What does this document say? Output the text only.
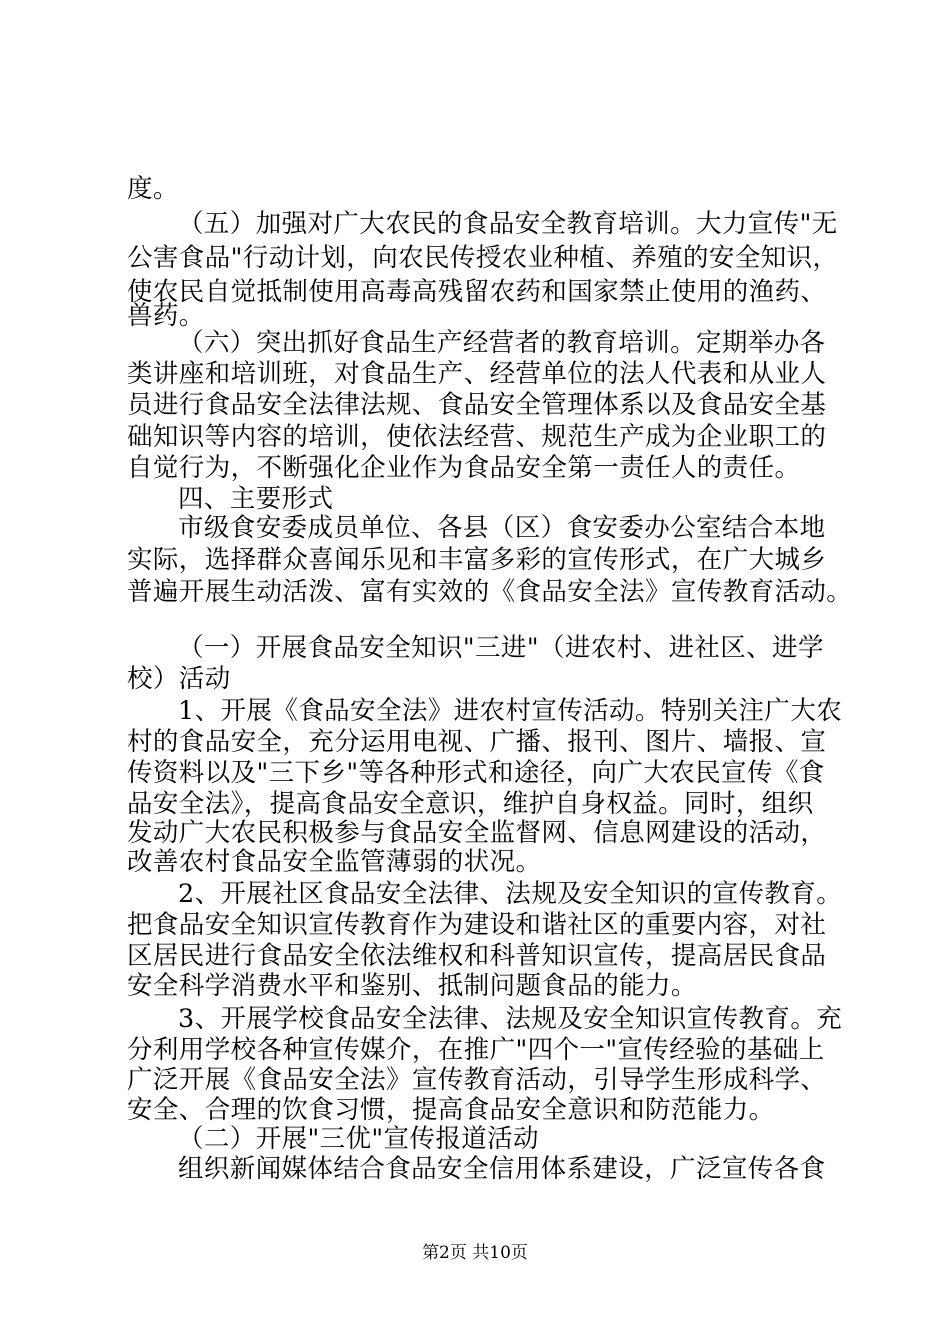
度。
（五）加强对广大农民的食品安全教育培训。大力宣传"无
公害食品"行动计划，向农民传授农业种植、养殖的安全知识，
使农民自觉抵制使用高毒高残留农药和国家禁止使用的渔药、
兽药。
（六）突出抓好食品生产经营者的教育培训。定期举办各
类讲座和培训班，对食品生产、经营单位的法人代表和从业人
员进行食品安全法律法规、食品安全管理体系以及食品安全基
础知识等内容的培训，使依法经营、规范生产成为企业职工的
自觉行为，不断强化企业作为食品安全第一责任人的责任。
四、主要形式
市级食安委成员单位、各县（区）食安委办公室结合本地
实际，选择群众喜闻乐见和丰富多彩的宣传形式，在广大城乡
普遍开展生动活泼、富有实效的《食品安全法》宣传教育活动。
（一）开展食品安全知识"三进"（进农村、进社区、进学
校）活动
1、开展《食品安全法》进农村宣传活动。特别关注广大农
村的食品安全，充分运用电视、广播、报刊、图片、墙报、宣
传资料以及"三下乡"等各种形式和途径，向广大农民宣传《食
品安全法》，提高食品安全意识，维护自身权益。同时，组织
发动广大农民积极参与食品安全监督网、信息网建设的活动，
改善农村食品安全监管薄弱的状况。
2、开展社区食品安全法律、法规及安全知识的宣传教育。
把食品安全知识宣传教育作为建设和谐社区的重要内容，对社
区居民进行食品安全依法维权和科普知识宣传，提高居民食品
安全科学消费水平和鉴别、抵制问题食品的能力。
3、开展学校食品安全法律、法规及安全知识宣传教育。充
分利用学校各种宣传媒介，在推广"四个一"宣传经验的基础上
广泛开展《食品安全法》宣传教育活动，引导学生形成科学、
安全、合理的饮食习惯，提高食品安全意识和防范能力。
（二）开展"三优"宣传报道活动
组织新闻媒体结合食品安全信用体系建设，广泛宣传各食
第2页 共10页
